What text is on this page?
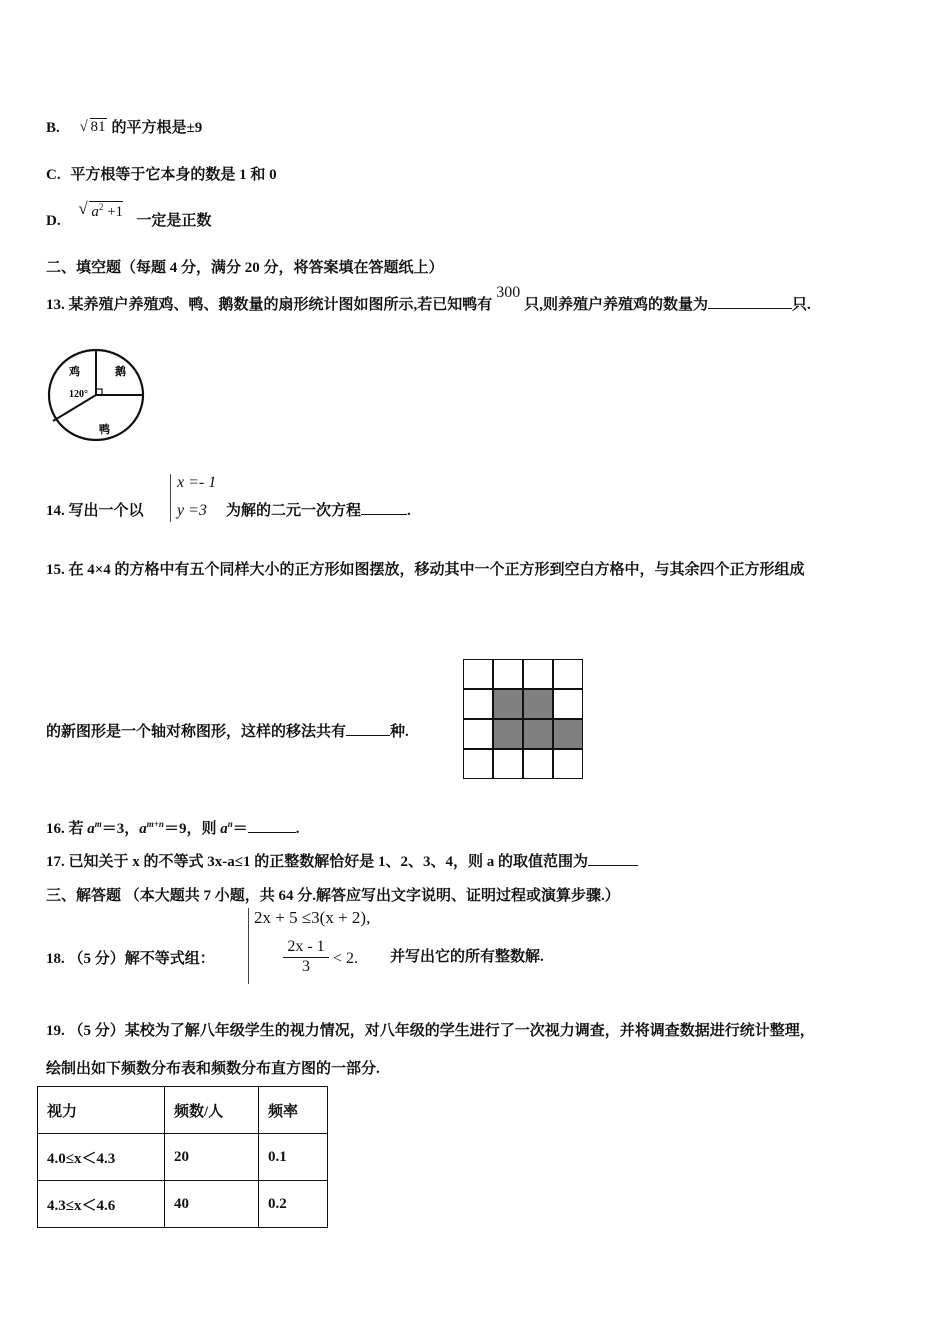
B. √ 81 的平方根是±9
C. 平方根等于它本身的数是 1 和 0
D.
√ $a^2 +1$
一定是正数
二、填空题（每题 4 分，满分 20 分，将答案填在答题纸上）
13. 某养殖户养殖鸡、鸭、鹅数量的扇形统计图如图所示,若已知鸭有300只,则养殖户养殖鸡的数量为	只.
鸡	鹅
鸭
120°
14. 写出一个以
x =- 1
y =3 为解的二元一次方程	.
15. 在 4×4 的方格中有五个同样大小的正方形如图摆放，移动其中一个正方形到空白方格中，与其余四个正方形组成
的新图形是一个轴对称图形，这样的移法共有	种.
16. 若 $a^m=3$，$a^{m+n}=9$，则 $a^n=$	.
17. 已知关于 x 的不等式 3x-a≤1 的正整数解恰好是 1、2、3、4，则 a 的取值范围为
三、解答题 （本大题共 7 小题，共 64 分.解答应写出文字说明、证明过程或演算步骤.）
18. （5 分）解不等式组：
2x + 5 ≤3(x + 2),
2x - 1
3	< 2. 并写出它的所有整数解.
19. （5 分）某校为了解八年级学生的视力情况，对八年级的学生进行了一次视力调查，并将调查数据进行统计整理，
绘制出如下频数分布表和频数分布直方图的一部分.
视力	频数/人	频率
4.0≤x＜4.3	20	0.1
4.3≤x＜4.6	40	0.2
